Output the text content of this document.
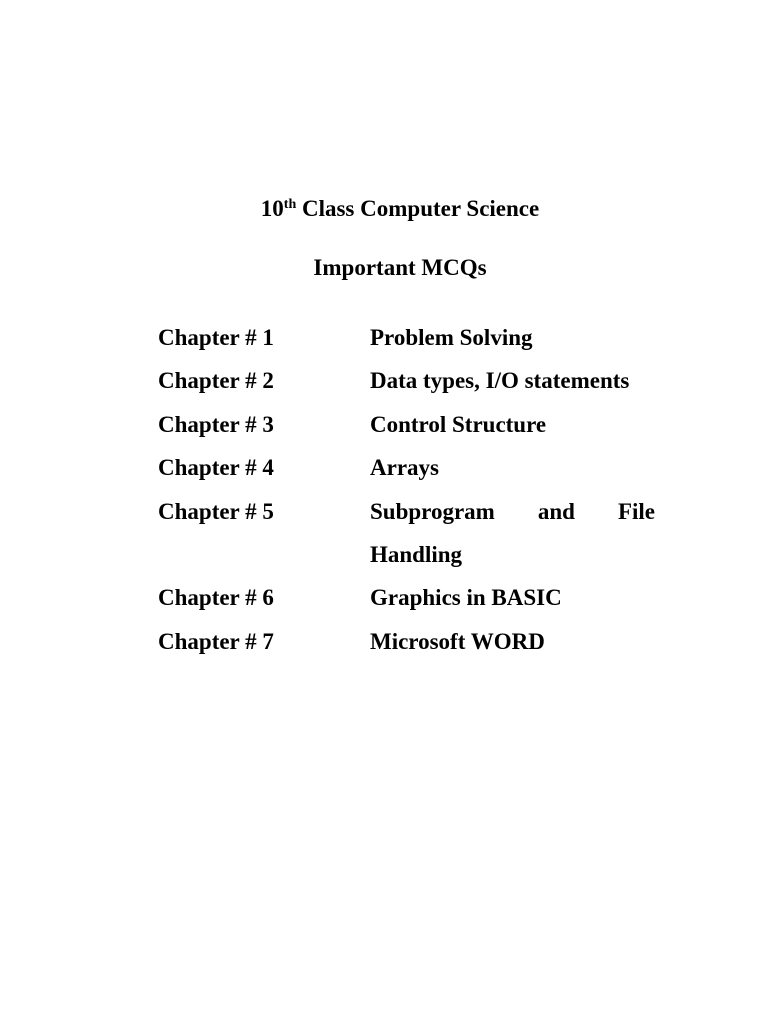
10th Class Computer Science
Important MCQs
Chapter # 1	Problem Solving
Chapter # 2	Data types, I/O statements
Chapter # 3	Control Structure
Chapter # 4	Arrays
Chapter # 5	Subprogram and File Handling
Chapter # 6	Graphics in BASIC
Chapter # 7	Microsoft WORD
